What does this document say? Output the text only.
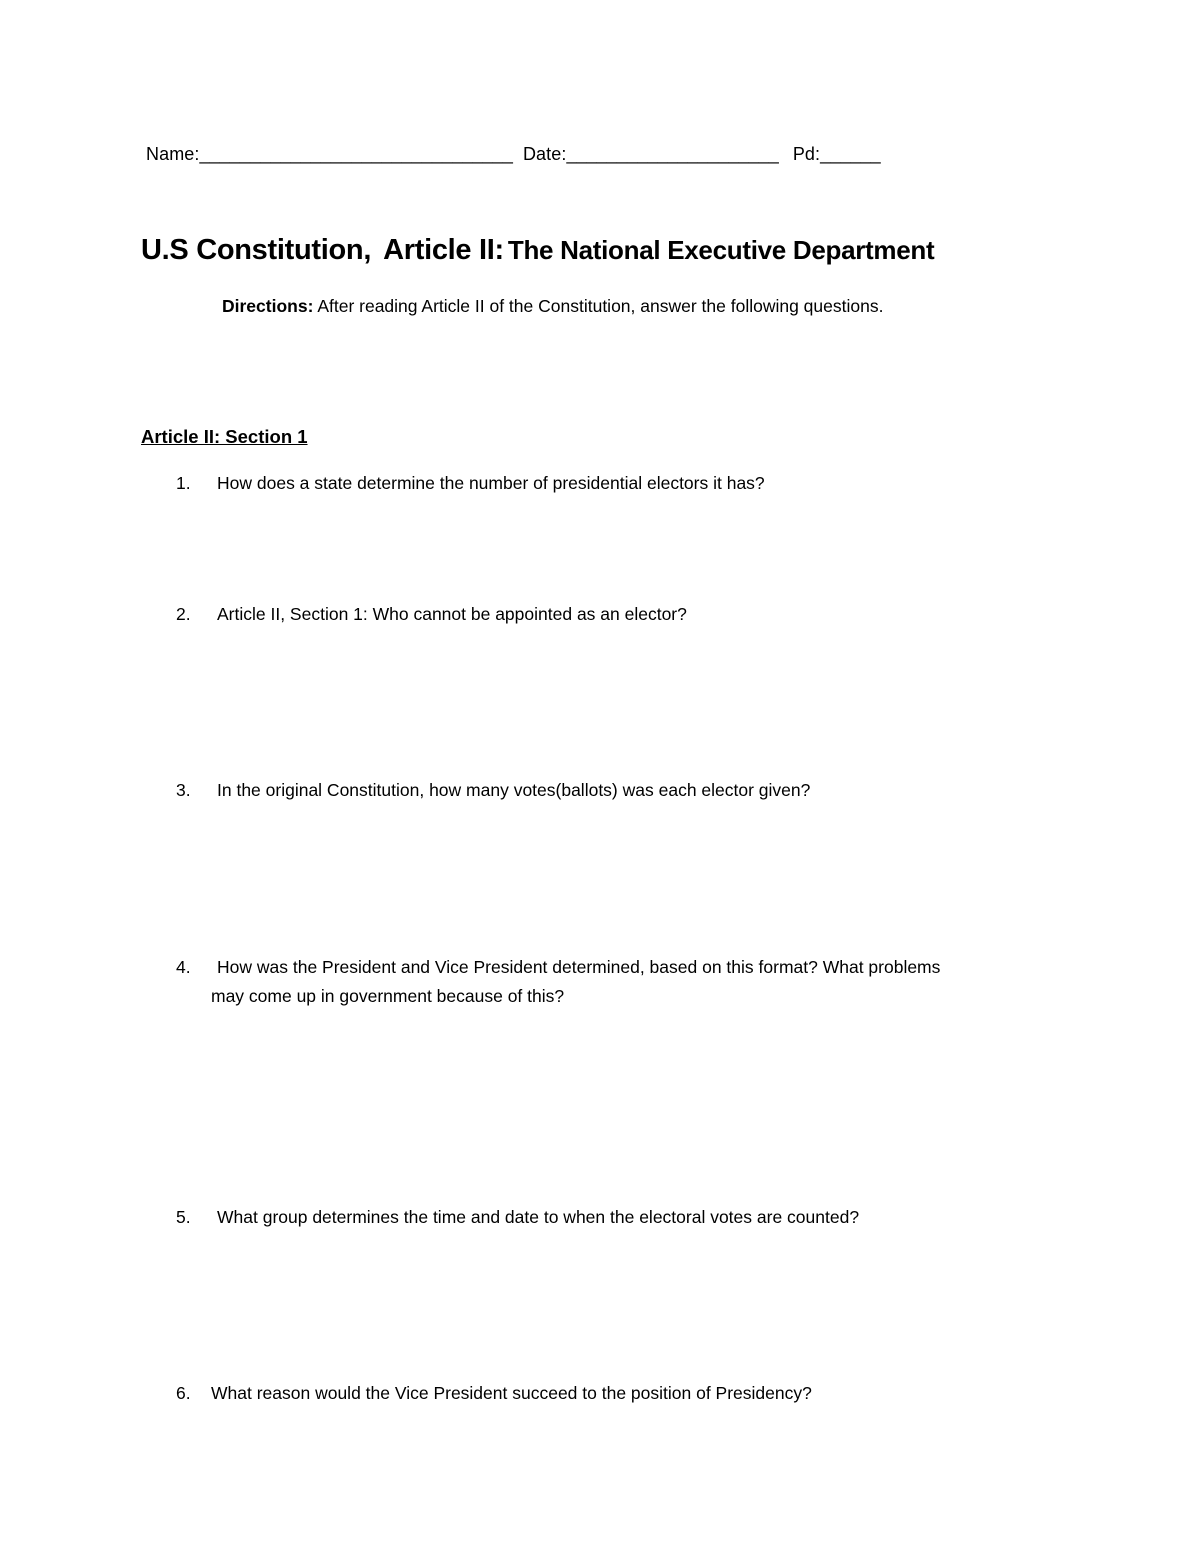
Name:_______________________________ Date:_____________________ Pd:______
U.S Constitution, Article II: The National Executive Department
Directions: After reading Article II of the Constitution, answer the following questions.
Article II: Section 1
1. How does a state determine the number of presidential electors it has?
2. Article II, Section 1: Who cannot be appointed as an elector?
3. In the original Constitution, how many votes(ballots) was each elector given?
4. How was the President and Vice President determined, based on this format? What problems
may come up in government because of this?
5. What group determines the time and date to when the electoral votes are counted?
6. What reason would the Vice President succeed to the position of Presidency?
